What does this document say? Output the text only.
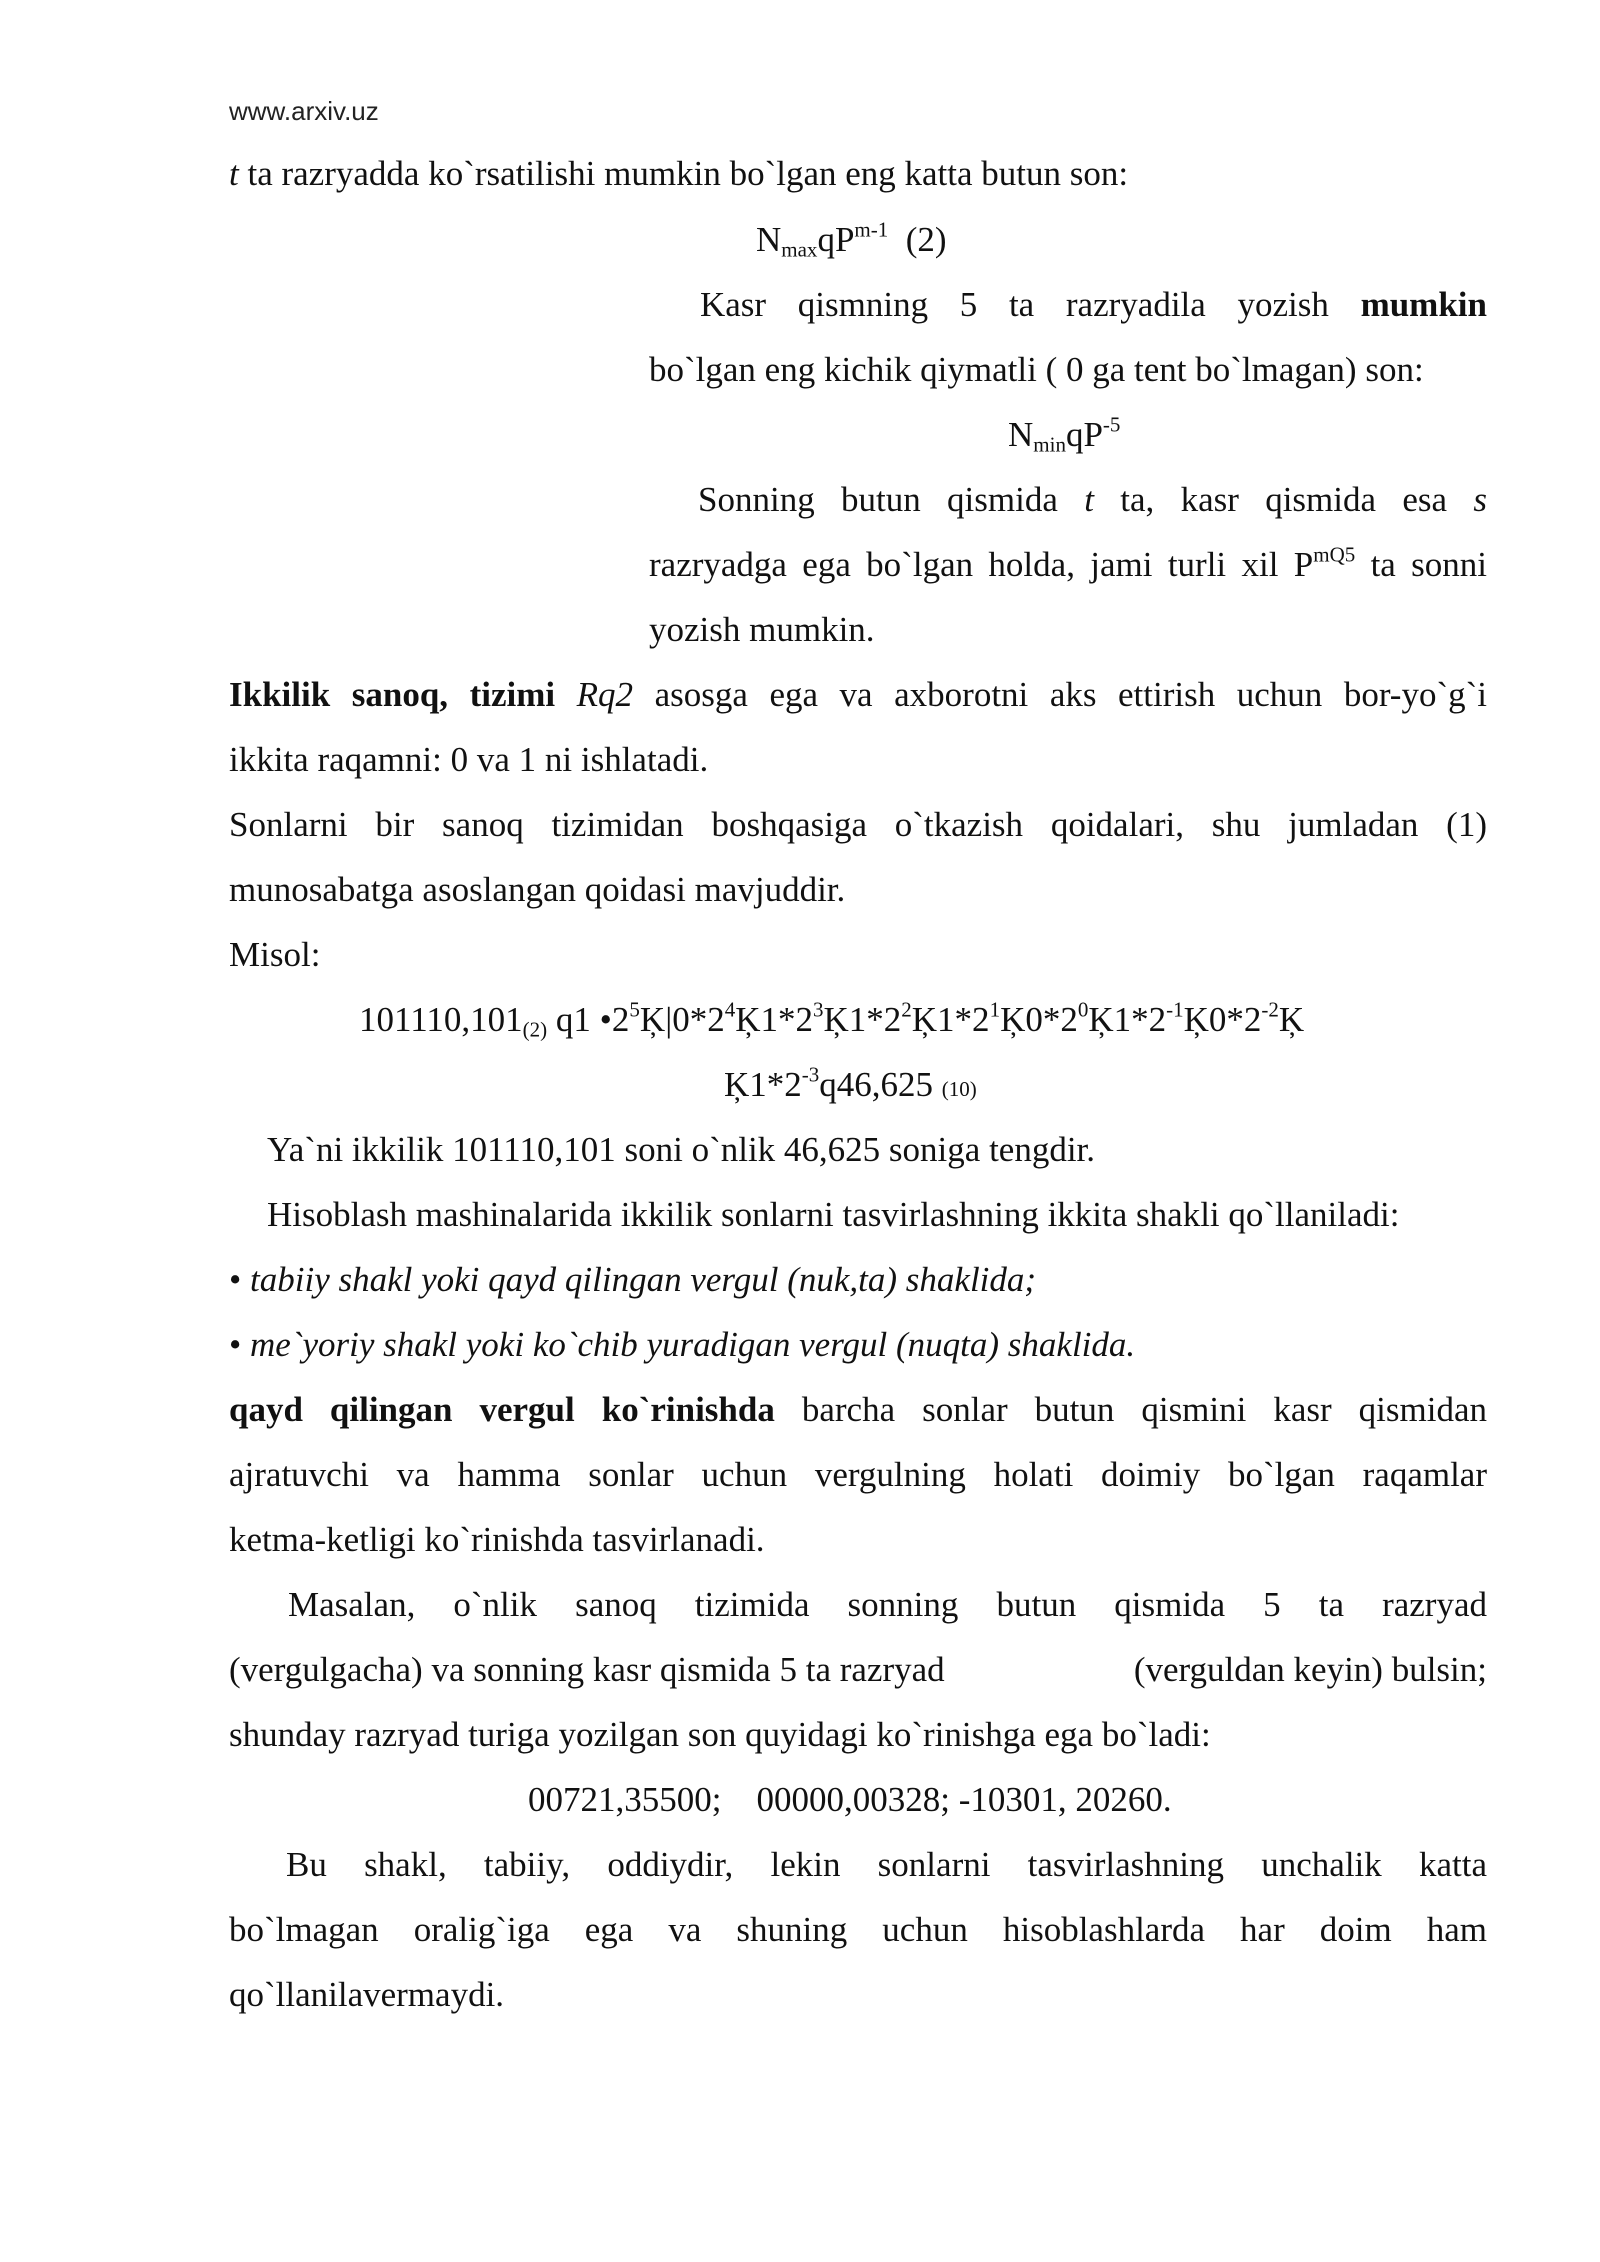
www.arxiv.uz
t ta razryadda ko`rsatilishi mumkin bo`lgan eng katta butun son:
$N_{max}qP^{m-1}$  (2)
Kasr qismning 5 ta razryadila yozish mumkin
bo`lgan eng kichik qiymatli ( 0 ga tent bo`lmagan) son:
$N_{min}qP^{-5}$
Sonning butun qismida t ta, kasr qismida esa s
razryadga ega bo`lgan holda, jami turli xil $P^{mQ5}$ ta sonni
yozish mumkin.
Ikkilik sanoq, tizimi Rq2 asosga ega va axborotni aks ettirish uchun bor-yo`g`i
ikkita raqamni: 0 va 1 ni ishlatadi.
Sonlarni bir sanoq tizimidan boshqasiga o`tkazish qoidalari, shu jumladan (1)
munosabatga asoslangan qoidasi mavjuddir.
Misol:
$101110,101_{(2)}$ q1 $•2^5Ķ|0*2^4Ķ1*2^3Ķ1*2^2Ķ1*2^1Ķ0*2^0Ķ1*2^{-1}Ķ0*2^{-2}Ķ$
$Ķ1*2^{-3}q46,625$ (10)
Ya`ni ikkilik 101110,101 soni o`nlik 46,625 soniga tengdir.
Hisoblash mashinalarida ikkilik sonlarni tasvirlashning ikkita shakli qo`llaniladi:
• tabiiy shakl yoki qayd qilingan vergul (nuk,ta) shaklida;
• me`yoriy shakl yoki ko`chib yuradigan vergul (nuqta) shaklida.
qayd qilingan vergul ko`rinishda barcha sonlar butun qismini kasr qismidan
ajratuvchi va hamma sonlar uchun vergulning holati doimiy bo`lgan raqamlar
ketma-ketligi ko`rinishda tasvirlanadi.
Masalan, o`nlik sanoq tizimida sonning butun qismida 5 ta razryad
(vergulgacha) va sonning kasr qismida 5 ta razryad	(verguldan keyin) bulsin;
shunday razryad turiga yozilgan son quyidagi ko`rinishga ega bo`ladi:
00721,35500;    00000,00328; -10301, 20260.
Bu shakl, tabiiy, oddiydir, lekin sonlarni tasvirlashning unchalik katta
bo`lmagan oralig`iga ega va shuning uchun hisoblashlarda har doim ham
qo`llanilavermaydi.
